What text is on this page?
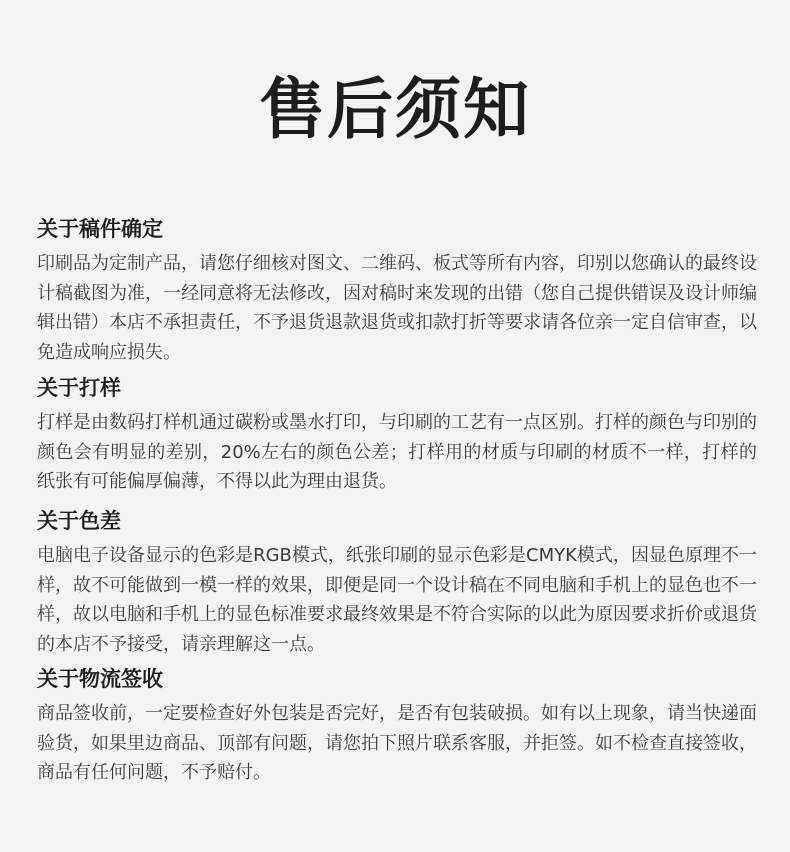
售后须知
关于稿件确定

印刷品为定制产品，请您仔细核对图文、二维码、板式等所有内容，印别以您确认的最终设计稿截图为准，一经同意将无法修改，因对稿时来发现的出错（您自己提供错误及设计师编辑出错）本店不承担责任，不予退货退款退货或扣款打折等要求请各位亲一定自信审查，以免造成响应损失。

关于打样

打样是由数码打样机通过碳粉或墨水打印，与印刷的工艺有一点区别。打样的颜色与印别的颜色会有明显的差别，20%左右的颜色公差；打样用的材质与印刷的材质不一样，打样的纸张有可能偏厚偏薄，不得以此为理由退货。

关于色差

电脑电子设备显示的色彩是RGB模式，纸张印刷的显示色彩是CMYK模式，因显色原理不一样，故不可能做到一模一样的效果，即便是同一个设计稿在不同电脑和手机上的显色也不一样，故以电脑和手机上的显色标准要求最终效果是不符合实际的以此为原因要求折价或退货的本店不予接受，请亲理解这一点。

关于物流签收

商品签收前，一定要检查好外包装是否完好，是否有包装破损。如有以上现象，请当快递面验货，如果里边商品、顶部有问题，请您拍下照片联系客服，并拒签。如不检查直接签收，商品有任何问题，不予赔付。
